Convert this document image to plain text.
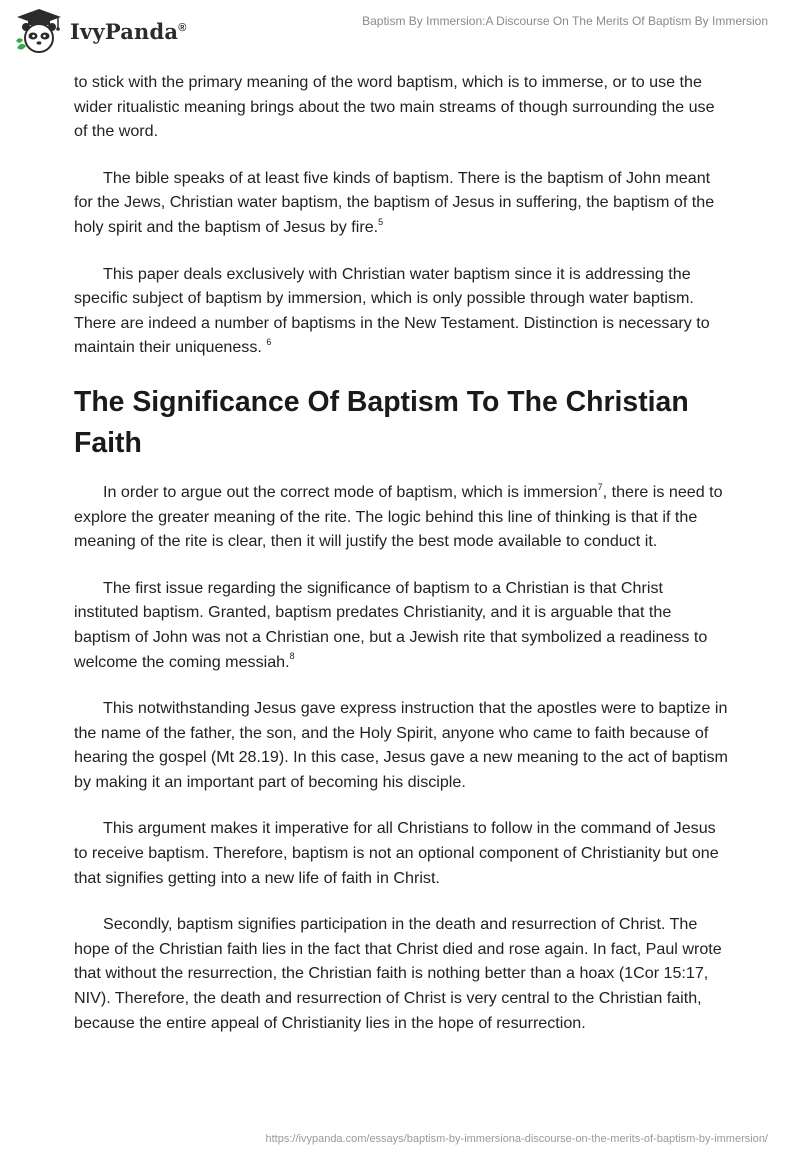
IvyPanda®	Baptism By Immersion:A Discourse On The Merits Of Baptism By Immersion

to stick with the primary meaning of the word baptism, which is to immerse, or to use the wider ritualistic meaning brings about the two main streams of though surrounding the use of the word.

The bible speaks of at least five kinds of baptism. There is the baptism of John meant for the Jews, Christian water baptism, the baptism of Jesus in suffering, the baptism of the holy spirit and the baptism of Jesus by fire.$^5$

This paper deals exclusively with Christian water baptism since it is addressing the specific subject of baptism by immersion, which is only possible through water baptism. There are indeed a number of baptisms in the New Testament. Distinction is necessary to maintain their uniqueness. $^6$

The Significance Of Baptism To The Christian Faith

In order to argue out the correct mode of baptism, which is immersion$^7$, there is need to explore the greater meaning of the rite. The logic behind this line of thinking is that if the meaning of the rite is clear, then it will justify the best mode available to conduct it.

The first issue regarding the significance of baptism to a Christian is that Christ instituted baptism. Granted, baptism predates Christianity, and it is arguable that the baptism of John was not a Christian one, but a Jewish rite that symbolized a readiness to welcome the coming messiah.$^8$

This notwithstanding Jesus gave express instruction that the apostles were to baptize in the name of the father, the son, and the Holy Spirit, anyone who came to faith because of hearing the gospel (Mt 28.19). In this case, Jesus gave a new meaning to the act of baptism by making it an important part of becoming his disciple.

This argument makes it imperative for all Christians to follow in the command of Jesus to receive baptism. Therefore, baptism is not an optional component of Christianity but one that signifies getting into a new life of faith in Christ.

Secondly, baptism signifies participation in the death and resurrection of Christ. The hope of the Christian faith lies in the fact that Christ died and rose again. In fact, Paul wrote that without the resurrection, the Christian faith is nothing better than a hoax (1Cor 15:17, NIV). Therefore, the death and resurrection of Christ is very central to the Christian faith, because the entire appeal of Christianity lies in the hope of resurrection.

https://ivypanda.com/essays/baptism-by-immersiona-discourse-on-the-merits-of-baptism-by-immersion/
